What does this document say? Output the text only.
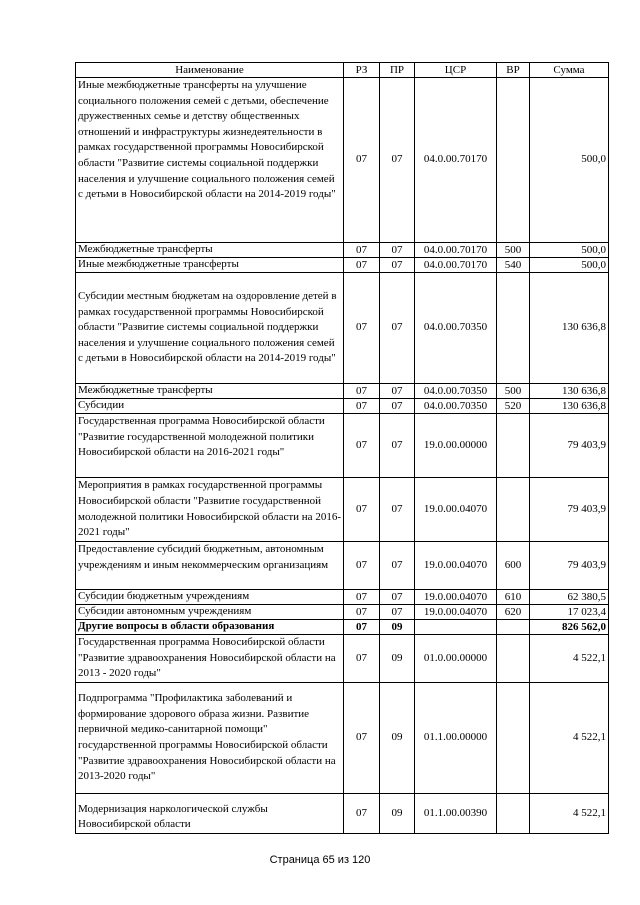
Наименование	РЗ	ПР	ЦСР	ВР	Сумма
Иные межбюджетные трансферты на улучшение социального положения семей с детьми, обеспечение дружественных семье и детству общественных отношений и инфраструктуры жизнедеятельности в рамках государственной программы Новосибирской области "Развитие системы социальной поддержки населения и улучшение социального положения семей с детьми в Новосибирской области на 2014-2019 годы"	07	07	04.0.00.70170		500,0
Межбюджетные трансферты	07	07	04.0.00.70170	500	500,0
Иные межбюджетные трансферты	07	07	04.0.00.70170	540	500,0
Субсидии местным бюджетам на оздоровление детей в рамках государственной программы Новосибирской области "Развитие системы социальной поддержки населения и улучшение социального положения семей с детьми в Новосибирской области на 2014-2019 годы"	07	07	04.0.00.70350		130 636,8
Межбюджетные трансферты	07	07	04.0.00.70350	500	130 636,8
Субсидии	07	07	04.0.00.70350	520	130 636,8
Государственная программа Новосибирской области "Развитие государственной молодежной политики Новосибирской области на 2016-2021 годы"	07	07	19.0.00.00000		79 403,9
Мероприятия в рамках государственной программы Новосибирской области "Развитие государственной молодежной политики Новосибирской области на 2016-2021 годы"	07	07	19.0.00.04070		79 403,9
Предоставление субсидий бюджетным, автономным учреждениям и иным некоммерческим организациям	07	07	19.0.00.04070	600	79 403,9
Субсидии бюджетным учреждениям	07	07	19.0.00.04070	610	62 380,5
Субсидии автономным учреждениям	07	07	19.0.00.04070	620	17 023,4
Другие вопросы в области образования	07	09			826 562,0
Государственная программа Новосибирской области "Развитие здравоохранения Новосибирской области на 2013 - 2020 годы"	07	09	01.0.00.00000		4 522,1
Подпрограмма "Профилактика заболеваний и формирование здорового образа жизни. Развитие первичной медико-санитарной помощи" государственной программы Новосибирской области "Развитие здравоохранения Новосибирской области на 2013-2020 годы"	07	09	01.1.00.00000		4 522,1
Модернизация наркологической службы Новосибирской области	07	09	01.1.00.00390		4 522,1
Страница 65 из 120
